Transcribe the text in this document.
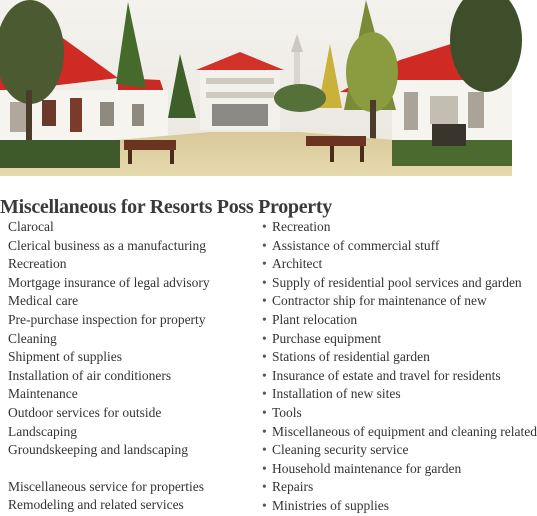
Miscellaneous for Resorts Poss Property
Clarocal
Clerical business as a manufacturing
Recreation
Mortgage insurance of legal advisory
Medical care
Pre-purchase inspection for property
Cleaning
Shipment of supplies
Installation of air conditioners
Maintenance
Outdoor services for outside
Landscaping
Groundskeeping and landscaping
Miscellaneous service for properties
Remodeling and related services
• Recreation
• Assistance of commercial stuff
• Architect
• Supply of residential pool services and garden
• Contractor ship for maintenance of new
• Plant relocation
• Purchase equipment
• Stations of residential garden
• Insurance of estate and travel for residents
• Installation of new sites
• Tools
• Miscellaneous of equipment and cleaning related
• Cleaning security service
• Household maintenance for garden
• Repairs
• Ministries of supplies
